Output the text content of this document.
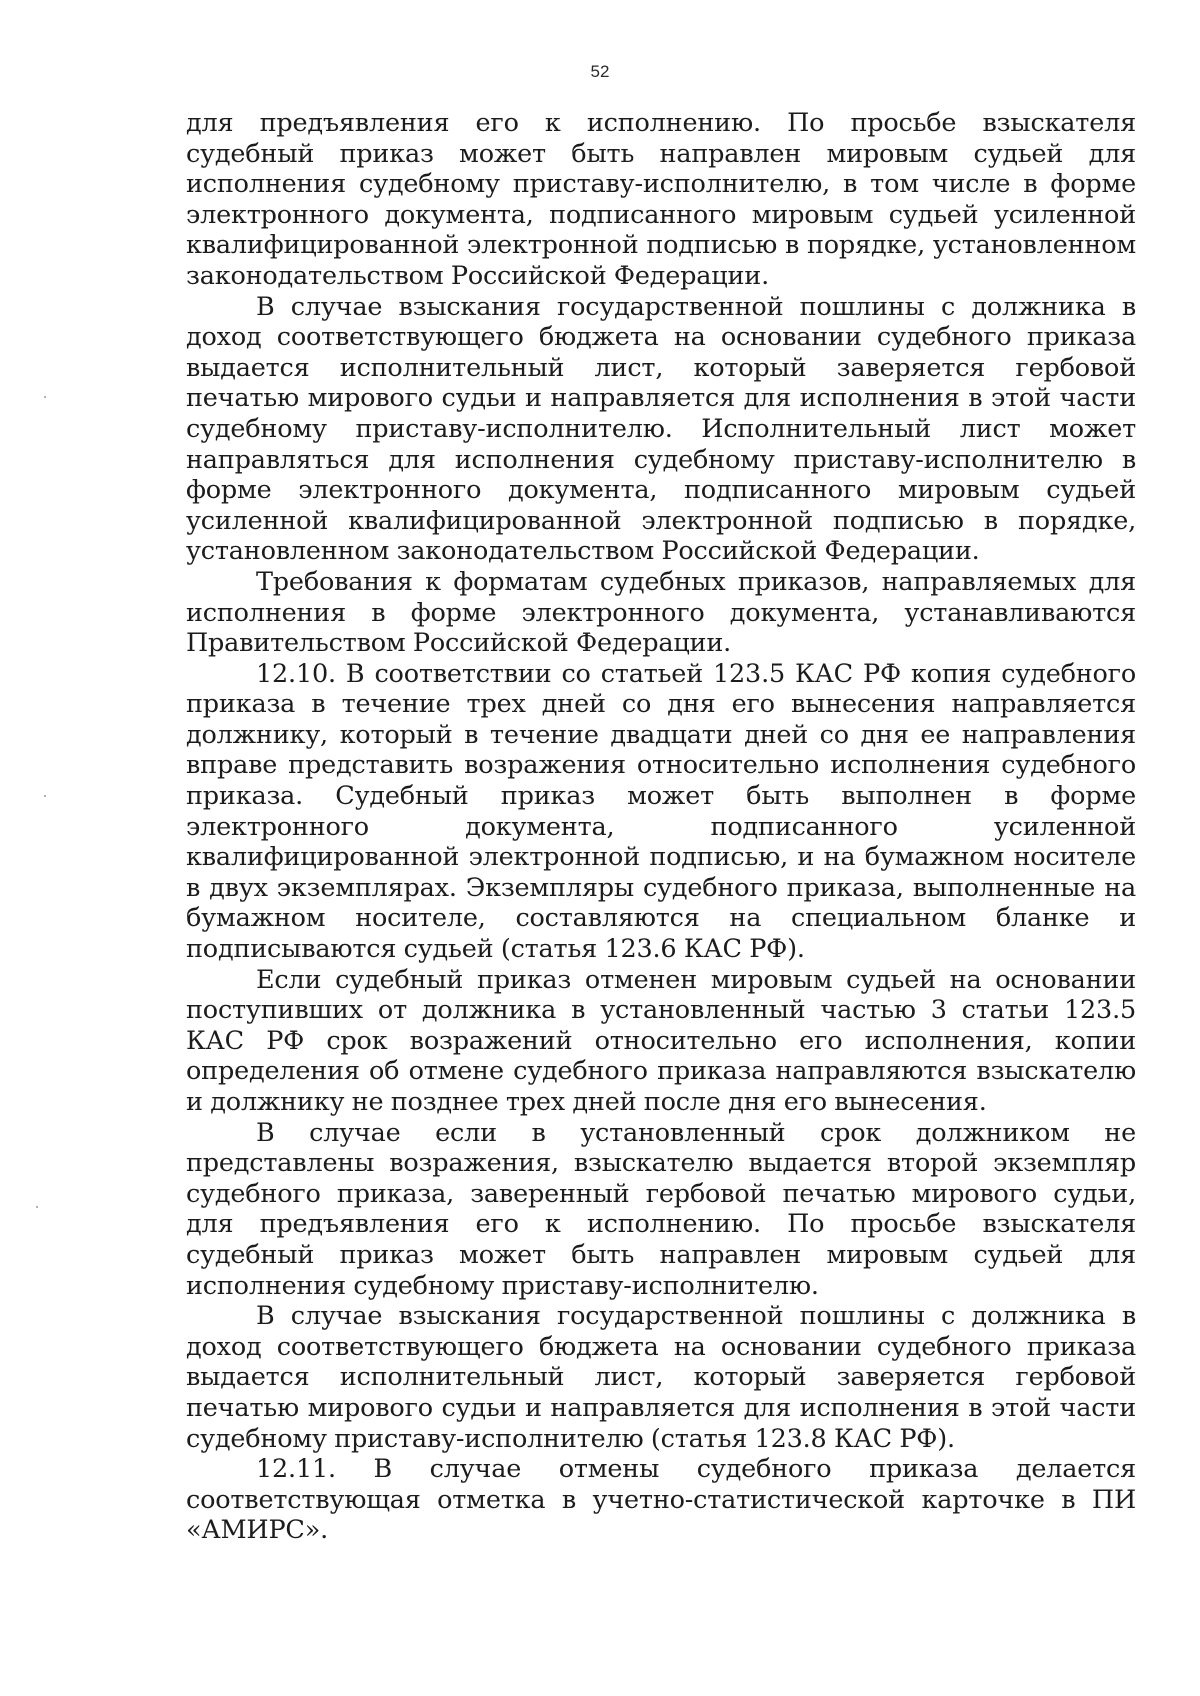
52

для предъявления его к исполнению. По просьбе взыскателя судебный приказ может быть направлен мировым судьей для исполнения судебному приставу-исполнителю, в том числе в форме электронного документа, подписанного мировым судьей усиленной квалифицированной электронной подписью в порядке, установленном законодательством Российской Федерации.

В случае взыскания государственной пошлины с должника в доход соответствующего бюджета на основании судебного приказа выдается исполнительный лист, который заверяется гербовой печатью мирового судьи и направляется для исполнения в этой части судебному приставу-исполнителю. Исполнительный лист может направляться для исполнения судебному приставу-исполнителю в форме электронного документа, подписанного мировым судьей усиленной квалифицированной электронной подписью в порядке, установленном законодательством Российской Федерации.

Требования к форматам судебных приказов, направляемых для исполнения в форме электронного документа, устанавливаются Правительством Российской Федерации.

12.10. В соответствии со статьей 123.5 КАС РФ копия судебного приказа в течение трех дней со дня его вынесения направляется должнику, который в течение двадцати дней со дня ее направления вправе представить возражения относительно исполнения судебного приказа. Судебный приказ может быть выполнен в форме электронного документа, подписанного усиленной квалифицированной электронной подписью, и на бумажном носителе в двух экземплярах. Экземпляры судебного приказа, выполненные на бумажном носителе, составляются на специальном бланке и подписываются судьей (статья 123.6 КАС РФ).

Если судебный приказ отменен мировым судьей на основании поступивших от должника в установленный частью 3 статьи 123.5 КАС РФ срок возражений относительно его исполнения, копии определения об отмене судебного приказа направляются взыскателю и должнику не позднее трех дней после дня его вынесения.

В случае если в установленный срок должником не представлены возражения, взыскателю выдается второй экземпляр судебного приказа, заверенный гербовой печатью мирового судьи, для предъявления его к исполнению. По просьбе взыскателя судебный приказ может быть направлен мировым судьей для исполнения судебному приставу-исполнителю.

В случае взыскания государственной пошлины с должника в доход соответствующего бюджета на основании судебного приказа выдается исполнительный лист, который заверяется гербовой печатью мирового судьи и направляется для исполнения в этой части судебному приставу-исполнителю (статья 123.8 КАС РФ).

12.11. В случае отмены судебного приказа делается соответствующая отметка в учетно-статистической карточке в ПИ «АМИРС».
